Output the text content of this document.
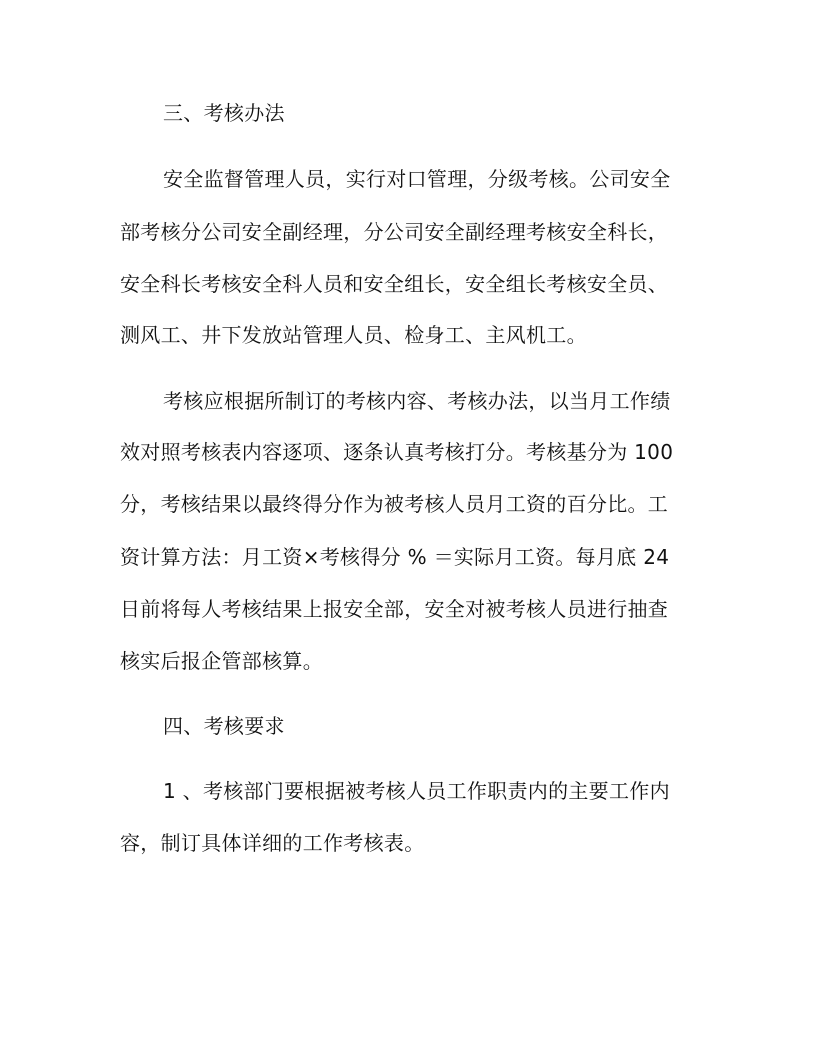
三、考核办法
安全监督管理人员，实行对口管理，分级考核。公司安全
部考核分公司安全副经理，分公司安全副经理考核安全科长，
安全科长考核安全科人员和安全组长，安全组长考核安全员、
测风工、井下发放站管理人员、检身工、主风机工。
考核应根据所制订的考核内容、考核办法，以当月工作绩
效对照考核表内容逐项、逐条认真考核打分。考核基分为 100
分，考核结果以最终得分作为被考核人员月工资的百分比。工
资计算方法：月工资×考核得分 % ＝实际月工资。每月底 24
日前将每人考核结果上报安全部，安全对被考核人员进行抽查
核实后报企管部核算。
四、考核要求
1 、考核部门要根据被考核人员工作职责内的主要工作内
容，制订具体详细的工作考核表。
